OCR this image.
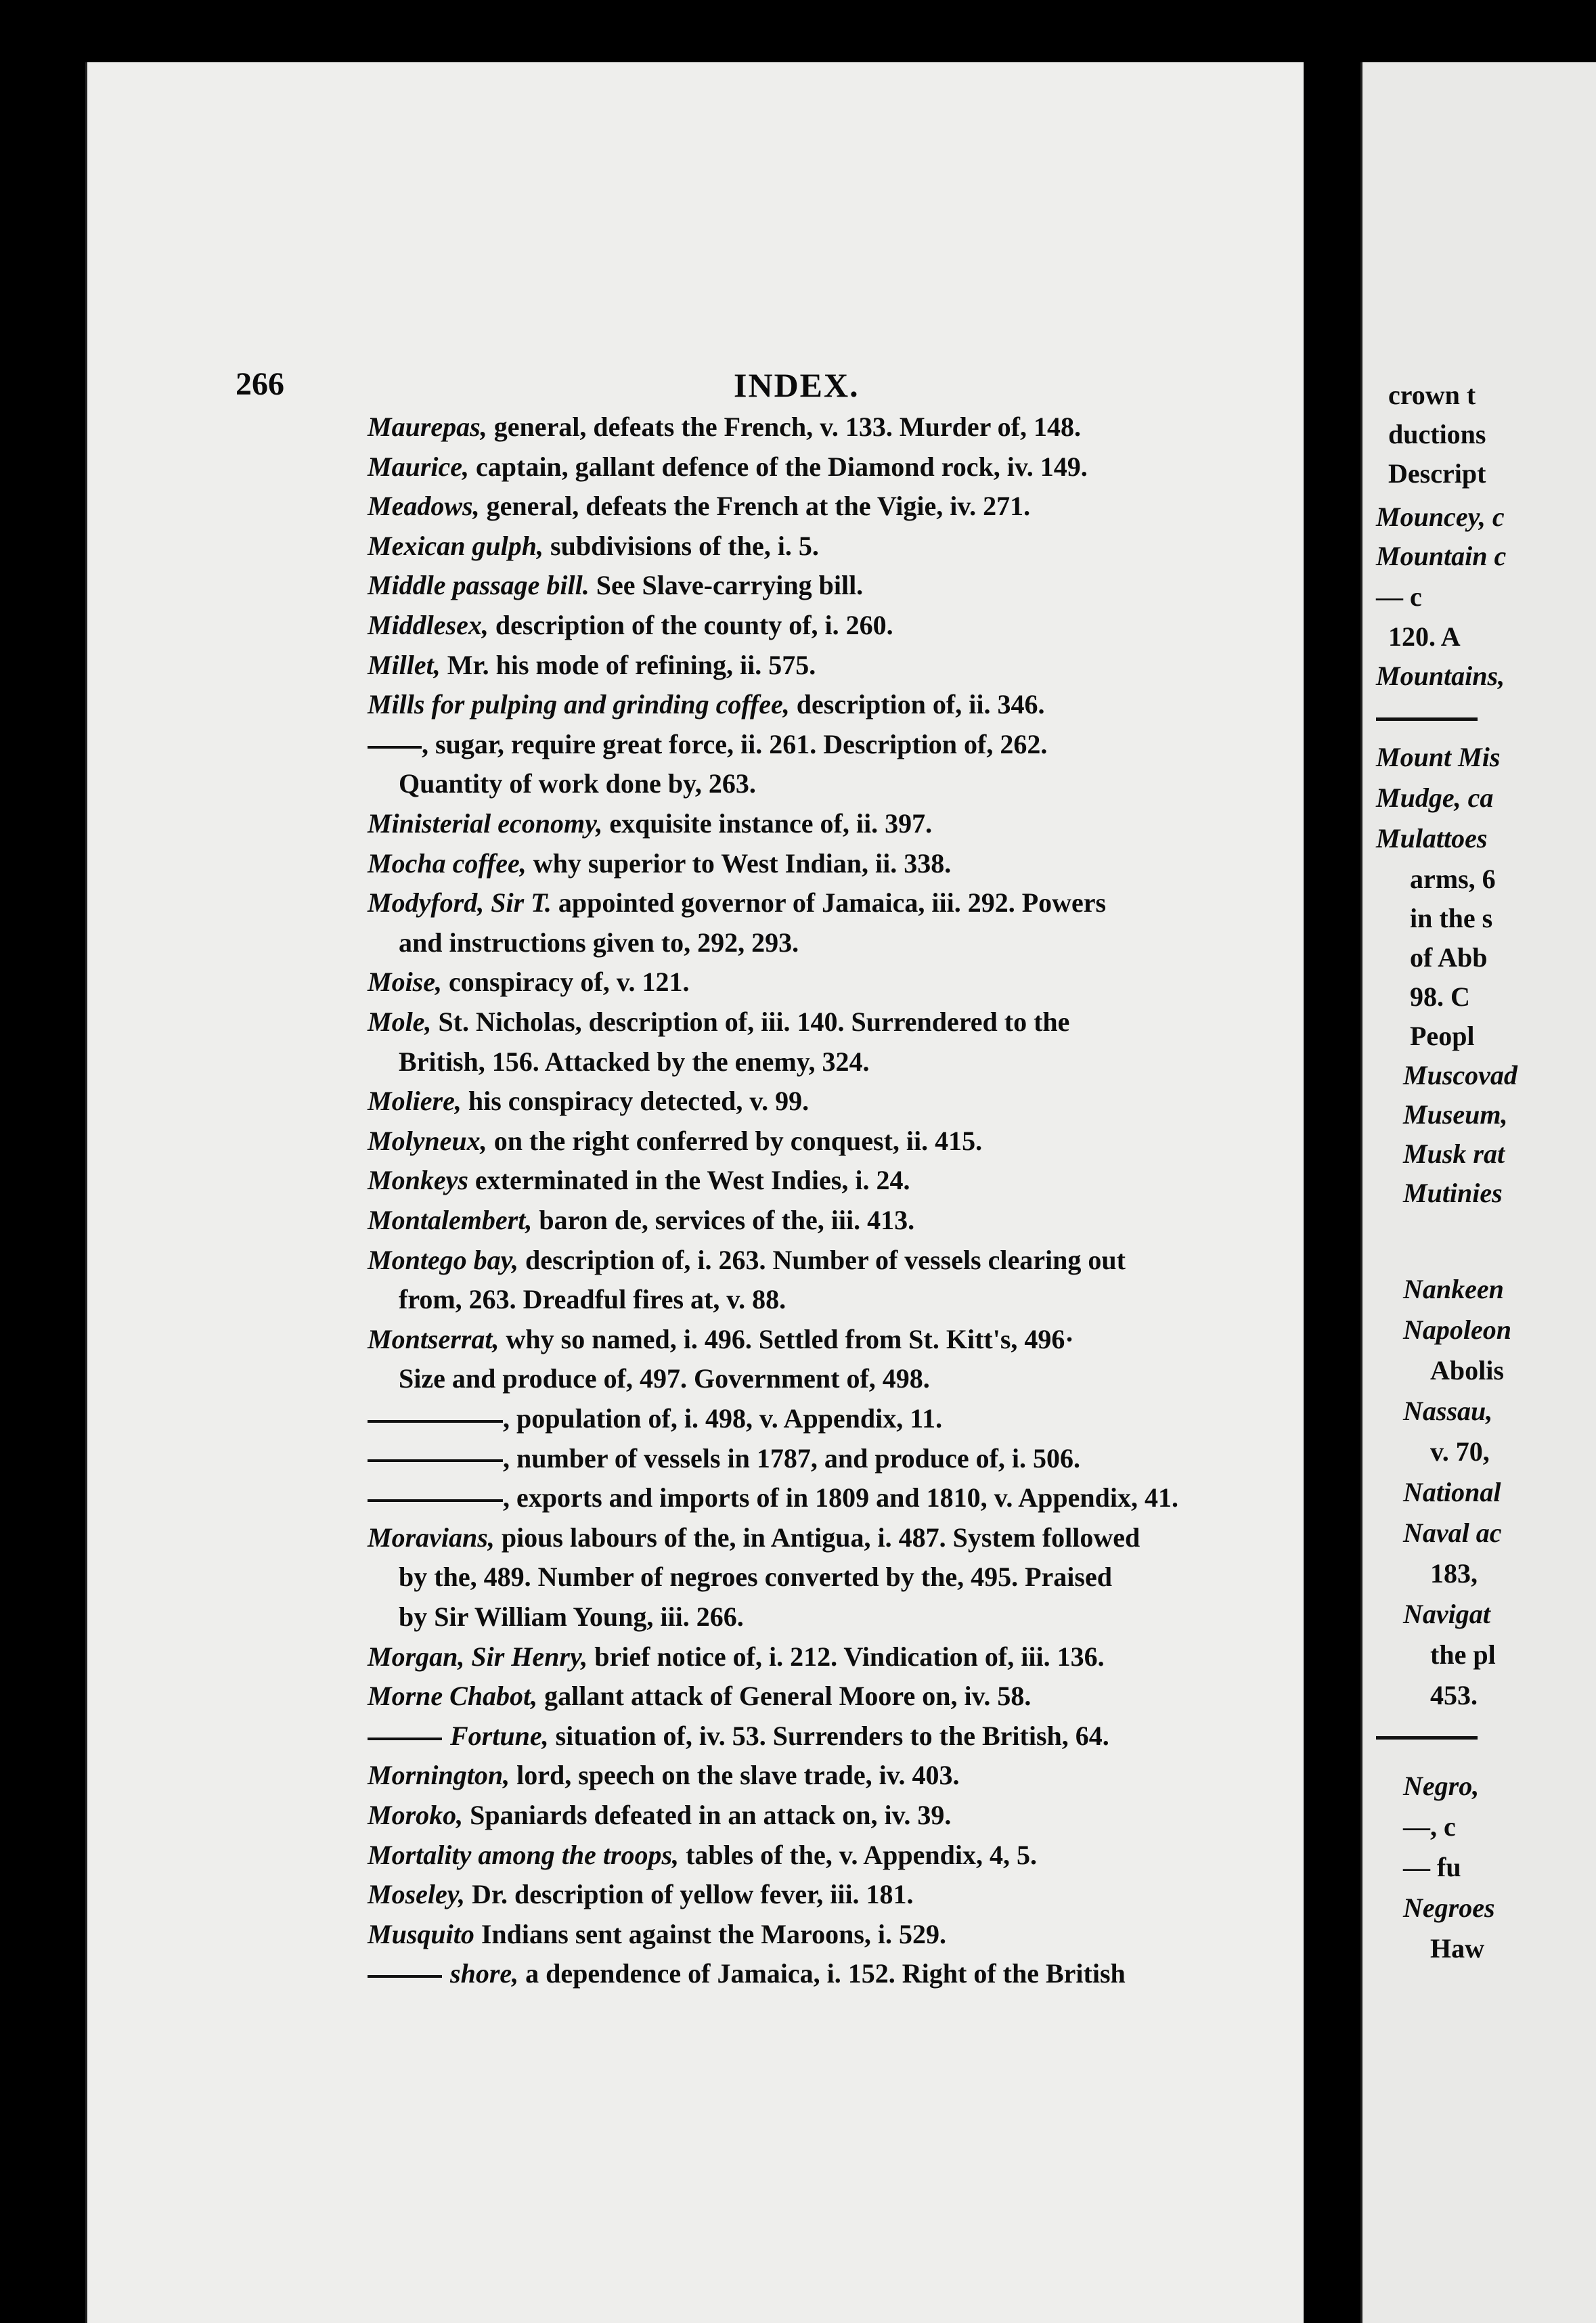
266	INDEX.
Maurepas, general, defeats the French, v. 133. Murder of, 148.
Maurice, captain, gallant defence of the Diamond rock, iv. 149.
Meadows, general, defeats the French at the Vigie, iv. 271.
Mexican gulph, subdivisions of the, i. 5.
Middle passage bill. See Slave-carrying bill.
Middlesex, description of the county of, i. 260.
Millet, Mr. his mode of refining, ii. 575.
Mills for pulping and grinding coffee, description of, ii. 346.
, sugar, require great force, ii. 261. Description of, 262.
Quantity of work done by, 263.
Ministerial economy, exquisite instance of, ii. 397.
Mocha coffee, why superior to West Indian, ii. 338.
Modyford, Sir T. appointed governor of Jamaica, iii. 292. Powers
and instructions given to, 292, 293.
Moise, conspiracy of, v. 121.
Mole, St. Nicholas, description of, iii. 140. Surrendered to the
British, 156. Attacked by the enemy, 324.
Moliere, his conspiracy detected, v. 99.
Molyneux, on the right conferred by conquest, ii. 415.
Monkeys exterminated in the West Indies, i. 24.
Montalembert, baron de, services of the, iii. 413.
Montego bay, description of, i. 263. Number of vessels clearing out
from, 263. Dreadful fires at, v. 88.
Montserrat, why so named, i. 496. Settled from St. Kitt's, 496·
Size and produce of, 497. Government of, 498.
, population of, i. 498, v. Appendix, 11.
, number of vessels in 1787, and produce of, i. 506.
, exports and imports of in 1809 and 1810, v. Appendix, 41.
Moravians, pious labours of the, in Antigua, i. 487. System followed
by the, 489. Number of negroes converted by the, 495. Praised
by Sir William Young, iii. 266.
Morgan, Sir Henry, brief notice of, i. 212. Vindication of, iii. 136.
Morne Chabot, gallant attack of General Moore on, iv. 58.
Fortune, situation of, iv. 53. Surrenders to the British, 64.
Mornington, lord, speech on the slave trade, iv. 403.
Moroko, Spaniards defeated in an attack on, iv. 39.
Mortality among the troops, tables of the, v. Appendix, 4, 5.
Moseley, Dr. description of yellow fever, iii. 181.
Musquito Indians sent against the Maroons, i. 529.
shore, a dependence of Jamaica, i. 152. Right of the British
crown t
ductions
Descript
Mouncey, c
Mountain c
— c
120. A
Mountains,
Mount Mis
Mudge, ca
Mulattoes
arms, 6
in the s
of Abb
98. C
Peopl
Muscovad
Museum,
Musk rat
Mutinies
Nankeen
Napoleon
Abolis
Nassau,
v. 70,
National
Naval ac
183,
Navigat
the pl
453.
Negro,
—, c
— fu
Negroes
Haw
